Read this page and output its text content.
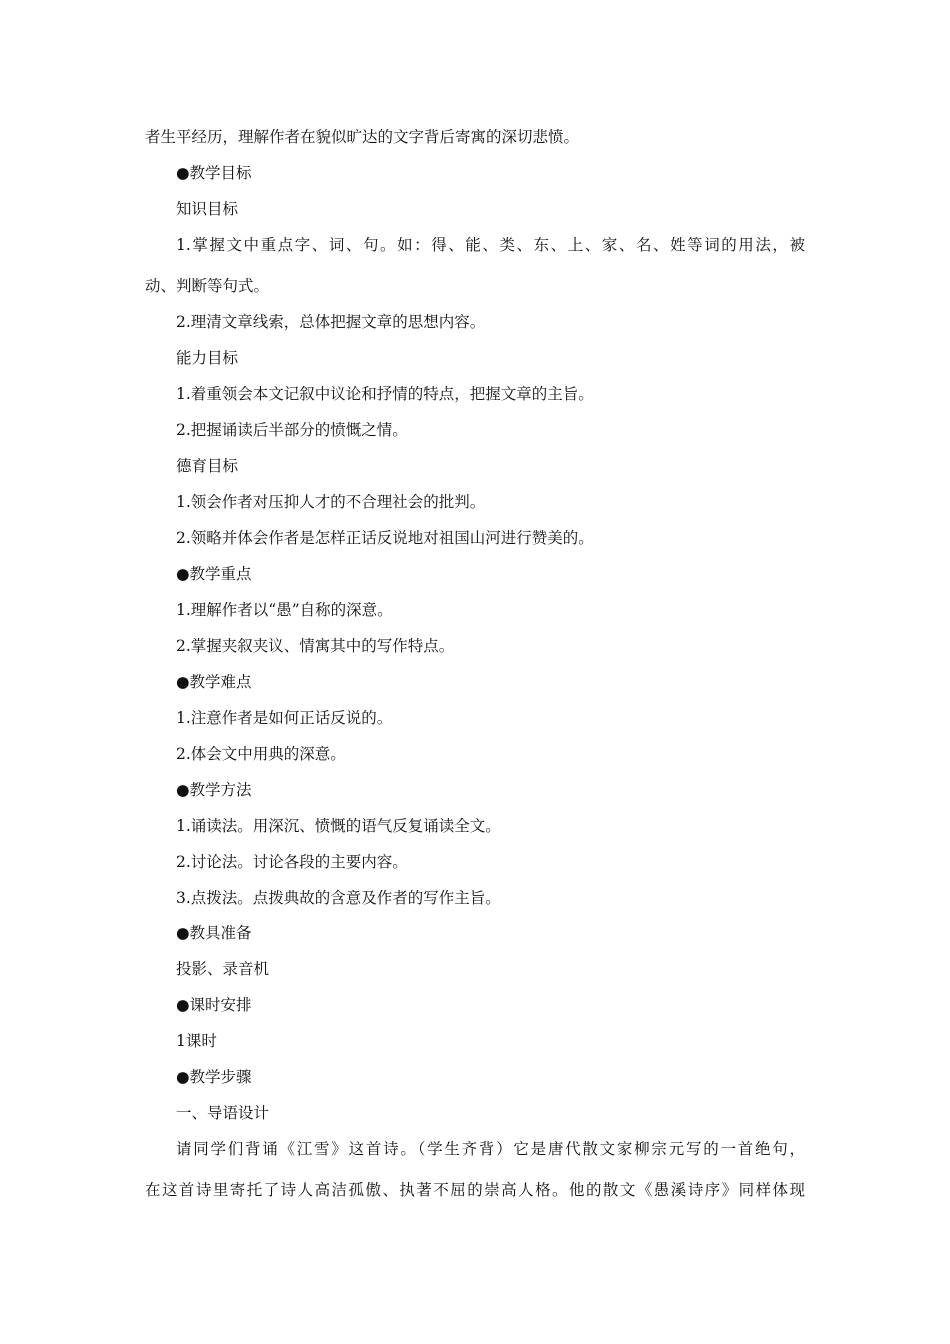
者生平经历，理解作者在貌似旷达的文字背后寄寓的深切悲愤。
●教学目标
知识目标
1.掌握文中重点字、词、句。如：得、能、类、东、上、家、名、姓等词的用法，被
动、判断等句式。
2.理清文章线索，总体把握文章的思想内容。
能力目标
1.着重领会本文记叙中议论和抒情的特点，把握文章的主旨。
2.把握诵读后半部分的愤慨之情。
德育目标
1.领会作者对压抑人才的不合理社会的批判。
2.领略并体会作者是怎样正话反说地对祖国山河进行赞美的。
●教学重点
1.理解作者以“愚”自称的深意。
2.掌握夹叙夹议、情寓其中的写作特点。
●教学难点
1.注意作者是如何正话反说的。
2.体会文中用典的深意。
●教学方法
1.诵读法。用深沉、愤慨的语气反复诵读全文。
2.讨论法。讨论各段的主要内容。
3.点拨法。点拨典故的含意及作者的写作主旨。
●教具准备
投影、录音机
●课时安排
1课时
●教学步骤
一、导语设计
请同学们背诵《江雪》这首诗。（学生齐背）它是唐代散文家柳宗元写的一首绝句，
在这首诗里寄托了诗人高洁孤傲、执著不屈的崇高人格。他的散文《愚溪诗序》同样体现
